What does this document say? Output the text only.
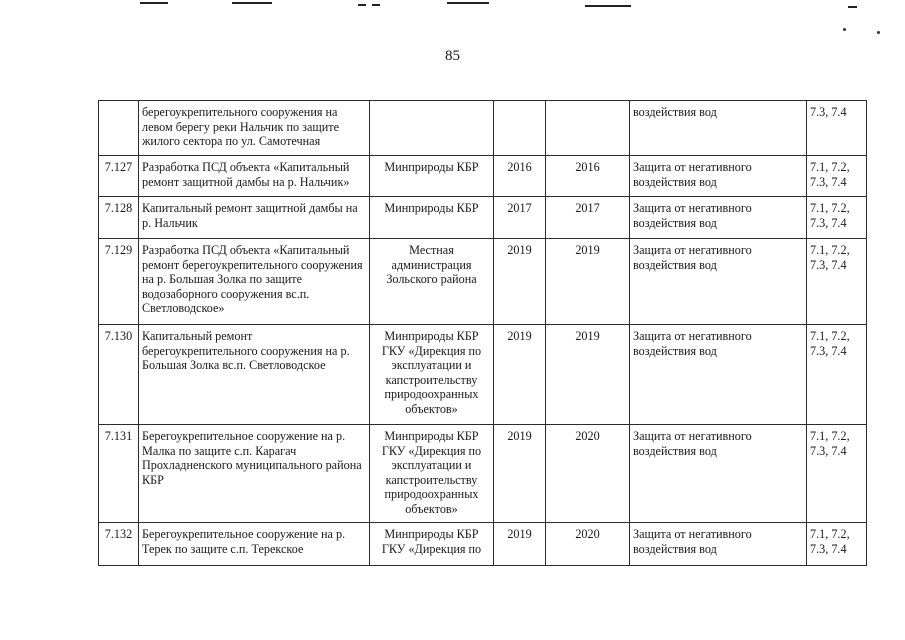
85
	берегоукрепительного сооружения на левом берегу реки Нальчик по защите жилого сектора по ул. Самотечная				воздействия вод	7.3, 7.4
7.127	Разработка ПСД объекта «Капитальный ремонт защитной дамбы на р. Нальчик»	Минприроды КБР	2016	2016	Защита от негативного воздействия вод	7.1, 7.2, 7.3, 7.4
7.128	Капитальный ремонт защитной дамбы на р. Нальчик	Минприроды КБР	2017	2017	Защита от негативного воздействия вод	7.1, 7.2, 7.3, 7.4
7.129	Разработка ПСД объекта «Капитальный ремонт берегоукрепительного сооружения на р. Большая Золка по защите водозаборного сооружения вс.п. Светловодское»	Местная администрация Зольского района	2019	2019	Защита от негативного воздействия вод	7.1, 7.2, 7.3, 7.4
7.130	Капитальный ремонт берегоукрепительного сооружения на р. Большая Золка вс.п. Светловодское	Минприроды КБР ГКУ «Дирекция по эксплуатации и капстроительству природоохранных объектов»	2019	2019	Защита от негативного воздействия вод	7.1, 7.2, 7.3, 7.4
7.131	Берегоукрепительное сооружение на р. Малка по защите с.п. Карагач Прохладненского муниципального района КБР	Минприроды КБР ГКУ «Дирекция по эксплуатации и капстроительству природоохранных объектов»	2019	2020	Защита от негативного воздействия вод	7.1, 7.2, 7.3, 7.4
7.132	Берегоукрепительное сооружение на р. Терек по защите с.п. Терекское	Минприроды КБР ГКУ «Дирекция по	2019	2020	Защита от негативного воздействия вод	7.1, 7.2, 7.3, 7.4
